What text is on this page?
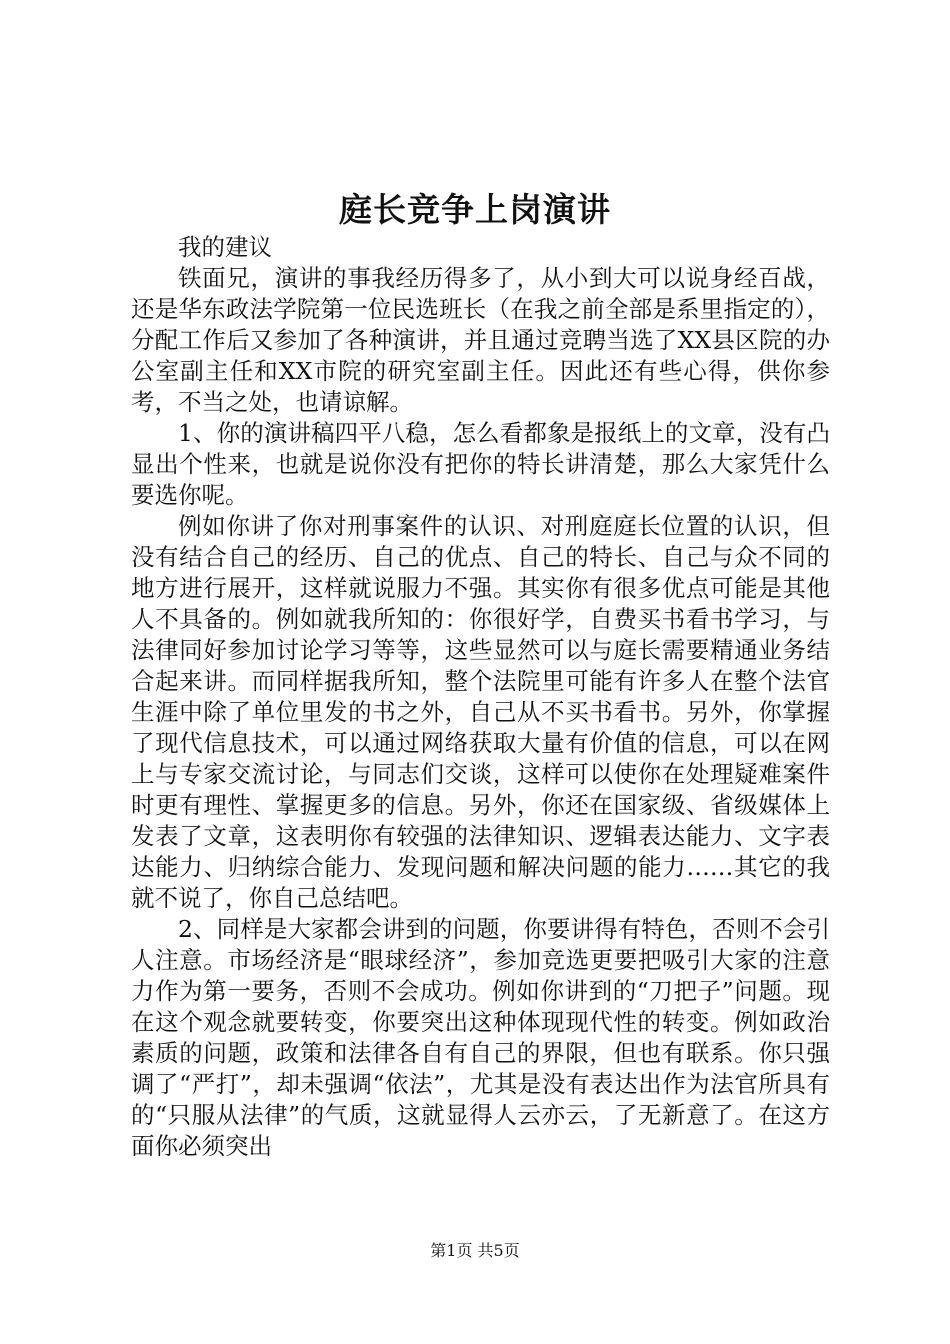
庭长竞争上岗演讲

我的建议

铁面兄，演讲的事我经历得多了，从小到大可以说身经百战，还是华东政法学院第一位民选班长（在我之前全部是系里指定的），分配工作后又参加了各种演讲，并且通过竞聘当选了XX县区院的办公室副主任和XX市院的研究室副主任。因此还有些心得，供你参考，不当之处，也请谅解。

1、你的演讲稿四平八稳，怎么看都象是报纸上的文章，没有凸显出个性来，也就是说你没有把你的特长讲清楚，那么大家凭什么要选你呢。

例如你讲了你对刑事案件的认识、对刑庭庭长位置的认识，但没有结合自己的经历、自己的优点、自己的特长、自己与众不同的地方进行展开，这样就说服力不强。其实你有很多优点可能是其他人不具备的。例如就我所知的：你很好学，自费买书看书学习，与法律同好参加讨论学习等等，这些显然可以与庭长需要精通业务结合起来讲。而同样据我所知，整个法院里可能有许多人在整个法官生涯中除了单位里发的书之外，自己从不买书看书。另外，你掌握了现代信息技术，可以通过网络获取大量有价值的信息，可以在网上与专家交流讨论，与同志们交谈，这样可以使你在处理疑难案件时更有理性、掌握更多的信息。另外，你还在国家级、省级媒体上发表了文章，这表明你有较强的法律知识、逻辑表达能力、文字表达能力、归纳综合能力、发现问题和解决问题的能力……其它的我就不说了，你自己总结吧。

2、同样是大家都会讲到的问题，你要讲得有特色，否则不会引人注意。市场经济是“眼球经济”，参加竞选更要把吸引大家的注意力作为第一要务，否则不会成功。例如你讲到的“刀把子”问题。现在这个观念就要转变，你要突出这种体现现代性的转变。例如政治素质的问题，政策和法律各自有自己的界限，但也有联系。你只强调了“严打”，却未强调“依法”，尤其是没有表达出作为法官所具有的“只服从法律”的气质，这就显得人云亦云，了无新意了。在这方面你必须突出

第1页 共5页
